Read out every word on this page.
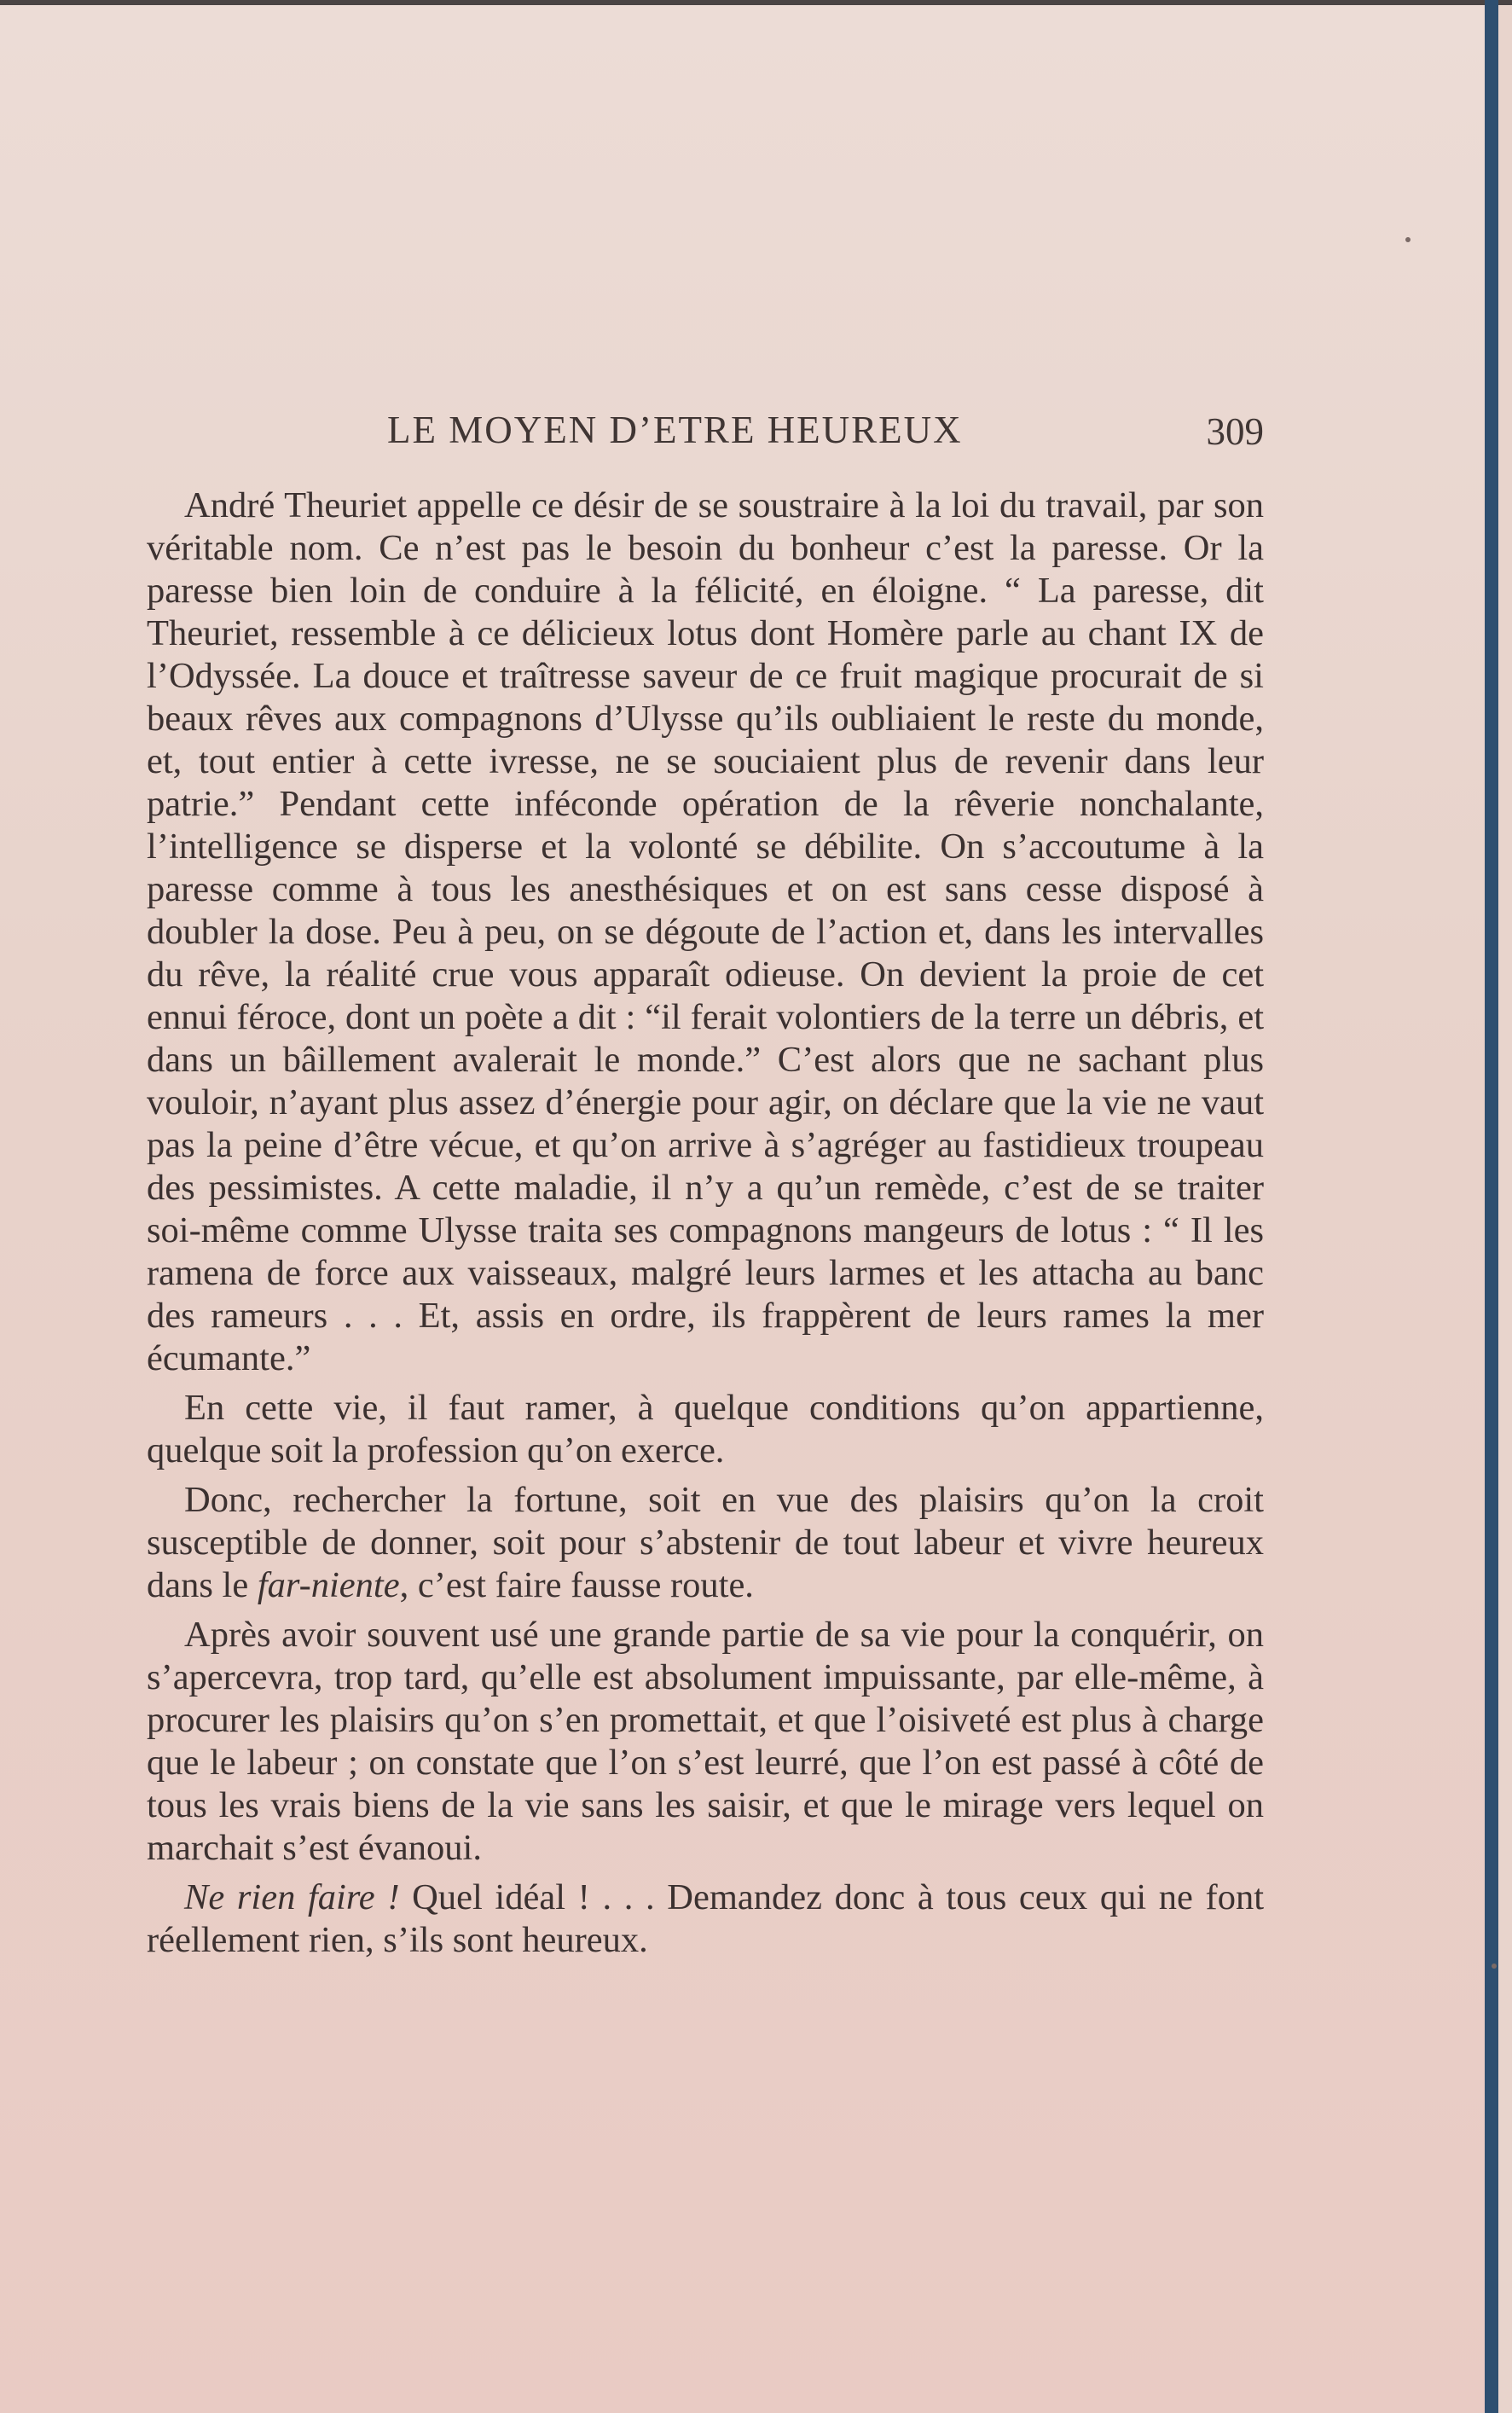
LE MOYEN D’ETRE HEUREUX	309

André Theuriet appelle ce désir de se soustraire à la loi du travail, par son véritable nom. Ce n’est pas le besoin du bonheur c’est la paresse. Or la paresse bien loin de conduire à la félicité, en éloigne. “ La paresse, dit Theuriet, ressemble à ce délicieux lotus dont Homère parle au chant IX de l’Odyssée. La douce et traîtresse saveur de ce fruit magique procurait de si beaux rêves aux compagnons d’Ulysse qu’ils oubliaient le reste du monde, et, tout entier à cette ivresse, ne se souciaient plus de revenir dans leur patrie.” Pendant cette inféconde opération de la rêverie nonchalante, l’intelligence se disperse et la volonté se débilite. On s’accoutume à la paresse comme à tous les anesthésiques et on est sans cesse disposé à doubler la dose. Peu à peu, on se dégoute de l’action et, dans les intervalles du rêve, la réalité crue vous apparaît odieuse. On devient la proie de cet ennui féroce, dont un poète a dit : “il ferait volontiers de la terre un débris, et dans un bâillement avalerait le monde.” C’est alors que ne sachant plus vouloir, n’ayant plus assez d’énergie pour agir, on déclare que la vie ne vaut pas la peine d’être vécue, et qu’on arrive à s’agréger au fastidieux troupeau des pessimistes. A cette maladie, il n’y a qu’un remède, c’est de se traiter soi-même comme Ulysse traita ses compagnons mangeurs de lotus : “ Il les ramena de force aux vaisseaux, malgré leurs larmes et les attacha au banc des rameurs . . . Et, assis en ordre, ils frappèrent de leurs rames la mer écumante.”

En cette vie, il faut ramer, à quelque conditions qu’on appartienne, quelque soit la profession qu’on exerce.

Donc, rechercher la fortune, soit en vue des plaisirs qu’on la croit susceptible de donner, soit pour s’abstenir de tout labeur et vivre heureux dans le far-niente, c’est faire fausse route.

Après avoir souvent usé une grande partie de sa vie pour la conquérir, on s’apercevra, trop tard, qu’elle est absolument impuissante, par elle-même, à procurer les plaisirs qu’on s’en promettait, et que l’oisiveté est plus à charge que le labeur ; on constate que l’on s’est leurré, que l’on est passé à côté de tous les vrais biens de la vie sans les saisir, et que le mirage vers lequel on marchait s’est évanoui.

Ne rien faire ! Quel idéal ! . . . Demandez donc à tous ceux qui ne font réellement rien, s’ils sont heureux.
